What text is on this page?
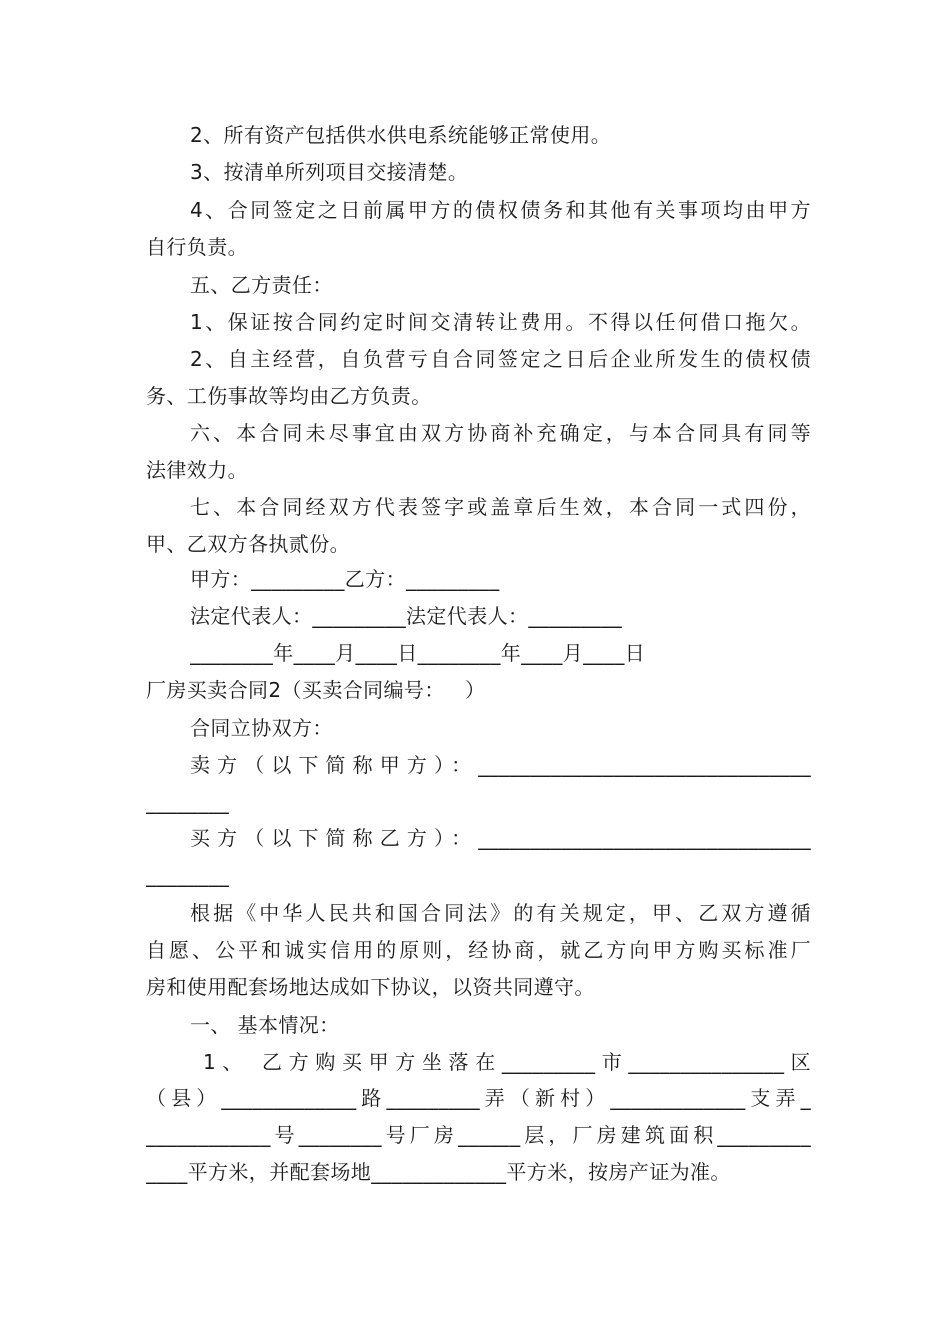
2、所有资产包括供水供电系统能够正常使用。
3、按清单所列项目交接清楚。
4、合同签定之日前属甲方的债权债务和其他有关事项均由甲方
自行负责。
五、乙方责任：
1、保证按合同约定时间交清转让费用。不得以任何借口拖欠。
2、自主经营，自负营亏自合同签定之日后企业所发生的债权债
务、工伤事故等均由乙方负责。
六、本合同未尽事宜由双方协商补充确定，与本合同具有同等
法律效力。
七、本合同经双方代表签字或盖章后生效，本合同一式四份，
甲、乙双方各执贰份。
甲方：_________乙方：_________
法定代表人：_________法定代表人：_________
________年____月____日________年____月____日
厂房买卖合同2（买卖合同编号：   ）
合同立协双方：
卖方（以下简称甲方）：________________________________
________
买方（以下简称乙方）：________________________________
________
根据《中华人民共和国合同法》的有关规定，甲、乙双方遵循
自愿、公平和诚实信用的原则，经协商，就乙方向甲方购买标准厂
房和使用配套场地达成如下协议，以资共同遵守。
一、 基本情况：
1、 乙方购买甲方坐落在_________市_______________区
（县）_____________路_________弄（新村）_____________支弄_
____________号________号厂房______层，厂房建筑面积_________
____平方米，并配套场地_____________平方米，按房产证为准。
